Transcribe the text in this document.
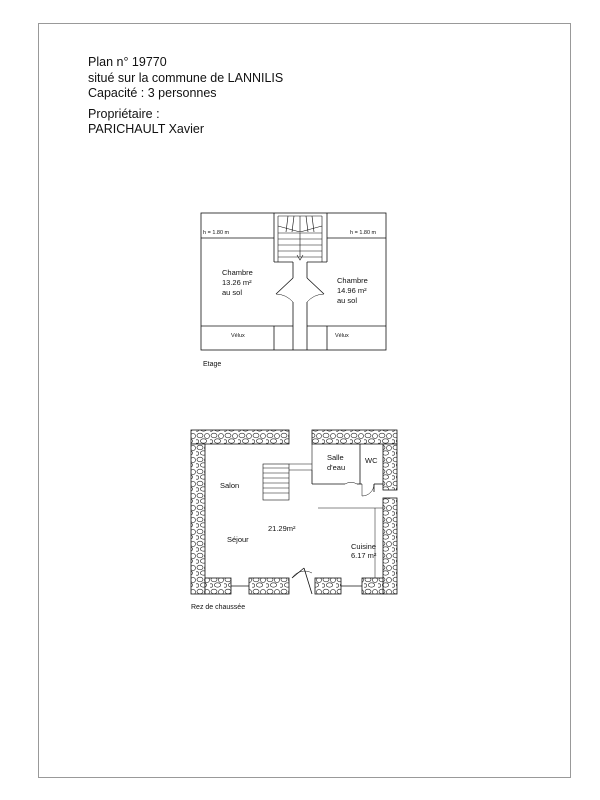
Plan n° 19770
situé sur la commune de LANNILIS
Capacité : 3 personnes
Propriétaire :
PARICHAULT Xavier
h = 1.80 m	h = 1.80 m
Chambre
13.26 m²
au sol
Chambre
14.96 m²
au sol
Vélux	Vélux
Etage
Salon
21.29m²
Séjour
Salle
d'eau
WC
Cuisine
6.17 m²
Rez de chaussée
